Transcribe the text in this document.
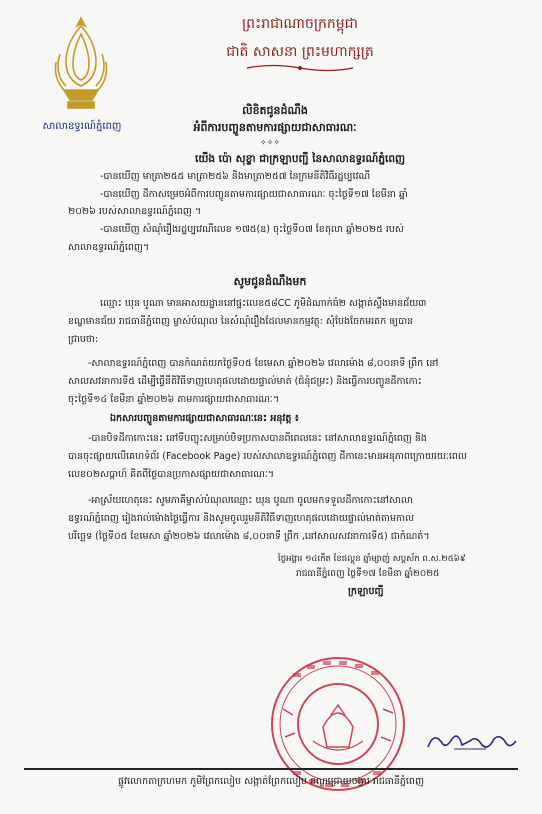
សាលាឧទ្ធរណ៍ភ្នំពេញ
ព្រះរាជាណាចក្រកម្ពុជា
ជាតិ សាសនា ព្រះមហាក្សត្រ
លិខិតជូនដំណឹង
អំពីការបញ្ចូនតាមការផ្សាយជាសាធារណៈ
✧✧✧
យើង ប៉ោ សុខ្ខា ជាក្រឡាបញ្ជី នៃសាលាឧទ្ធរណ៍ភ្នំពេញ
-បានឃើញ មាត្រា២៥៥ មាត្រា២៥៦ និងមាត្រា២៥៧ នៃក្រមនីតិវិធីរដ្ឋប្បវេណី
-បានឃើញ ដីកាសម្រេចអំពីការបញ្ចូនតាមការផ្សាយជាសាធារណៈ ចុះថ្ងៃទី១៧ ខែមីនា ឆ្នាំ
២០២៦ របស់សាលាឧទ្ធរណ៍ភ្នំពេញ ។
-បានឃើញ សំណុំរឿងរដ្ឋប្បវេណីលេខ ១៧៥(ឧ) ចុះថ្ងៃទី០៧ ខែតុលា ឆ្នាំ២០២៥ របស់
សាលាឧទ្ធរណ៍ភ្នំពេញ។
សូមជូនដំណឹងមក
ឈ្មោះ ឃុន បូណា មានអាសយដ្ឋាននៅផ្ទះលេខ៥៨CC ភូមិដំណាក់ធំ២ សង្កាត់ស្ទឹងមានជ័យ៣
ខណ្ឌមានជ័យ រាជធានីភ្នំពេញ ម្ចាស់បំណុល នៃសំណុំរឿងដែលមានកម្មវត្ថុ: សុំបែងចែកមរតក ឲ្យបាន
ជ្រាបថា:
-សាលាឧទ្ធរណ៍ភ្នំពេញ បានកំណត់យកថ្ងៃទី០៥ ខែមេសា ឆ្នាំ២០២៦ វេលាម៉ោង ៨,០០នាទី ព្រឹក នៅ
សាលសវនាការទី៥ ដើម្បីធ្វើនីតិវិធីទាញហេតុផលដោយផ្ទាល់មាត់ (ជំនុំជម្រះ) និងធ្វើការបញ្ចូនដីកាកោះ
ចុះថ្ងៃទី១៤ ខែមីនា ឆ្នាំ២០២៦ តាមការផ្សាយជាសាធារណៈ។
ឯកសារបញ្ចូនតាមការផ្សាយជាសាធារណៈនេះ អនុវត្ត ៖
-បានបិទដីកាកោះនេះ នៅទីបញ្ចុះសម្រាប់បិទប្រកាសបានពីពេលនេះ នៅសាលាឧទ្ធរណ៍ភ្នំពេញ និង
បានចុះផ្សាយលើគេហទំព័រ (Facebook Page) របស់សាលាឧទ្ធរណ៍ភ្នំពេញ ដីកានេះមានអនុភាពក្រោយរយៈពេល
លេខ០២សប្តាហ៍ គិតពីថ្ងៃបានប្រកាសផ្សាយជាសាធារណៈ។
-អាស្រ័យហេតុនេះ សូមភាគីម្ចាស់បំណុលឈ្មោះ ឃុន បូណា ចូលមកទទួលដីកាកោះនៅសាលា
ឧទ្ធរណ៍ភ្នំពេញ រៀងរាល់ម៉ោងថ្ងៃធ្វើការ និងសូមចូលរួមនីតិវិធីទាញហេតុផលដោយផ្ទាល់មាត់តាមកាល
បរិច្ឆេទ (ថ្ងៃទី០៥ ខែមេសា ឆ្នាំ២០២៦ វេលាម៉ោង ៨,០០នាទី ព្រឹក ,នៅសាលសវនាការទី៥) ជាកំណត់។
ថ្ងៃអង្គារ ១៤កើត ខែផល្គុន ឆ្នាំម្សាញ់ សប្តស័ក ព.ស.២៥៦៩
រាជធានីភ្នំពេញ ថ្ងៃទី១៧ ខែមីនា ឆ្នាំ២០២៥
ក្រឡាបញ្ជី
ផ្លូវលោកតាក្រហមក ភូមិព្រែកលៀប សង្កាត់ព្រែកលៀប ខណ្ឌជ្រោយចង្វារ រាជធានីភ្នំពេញ
